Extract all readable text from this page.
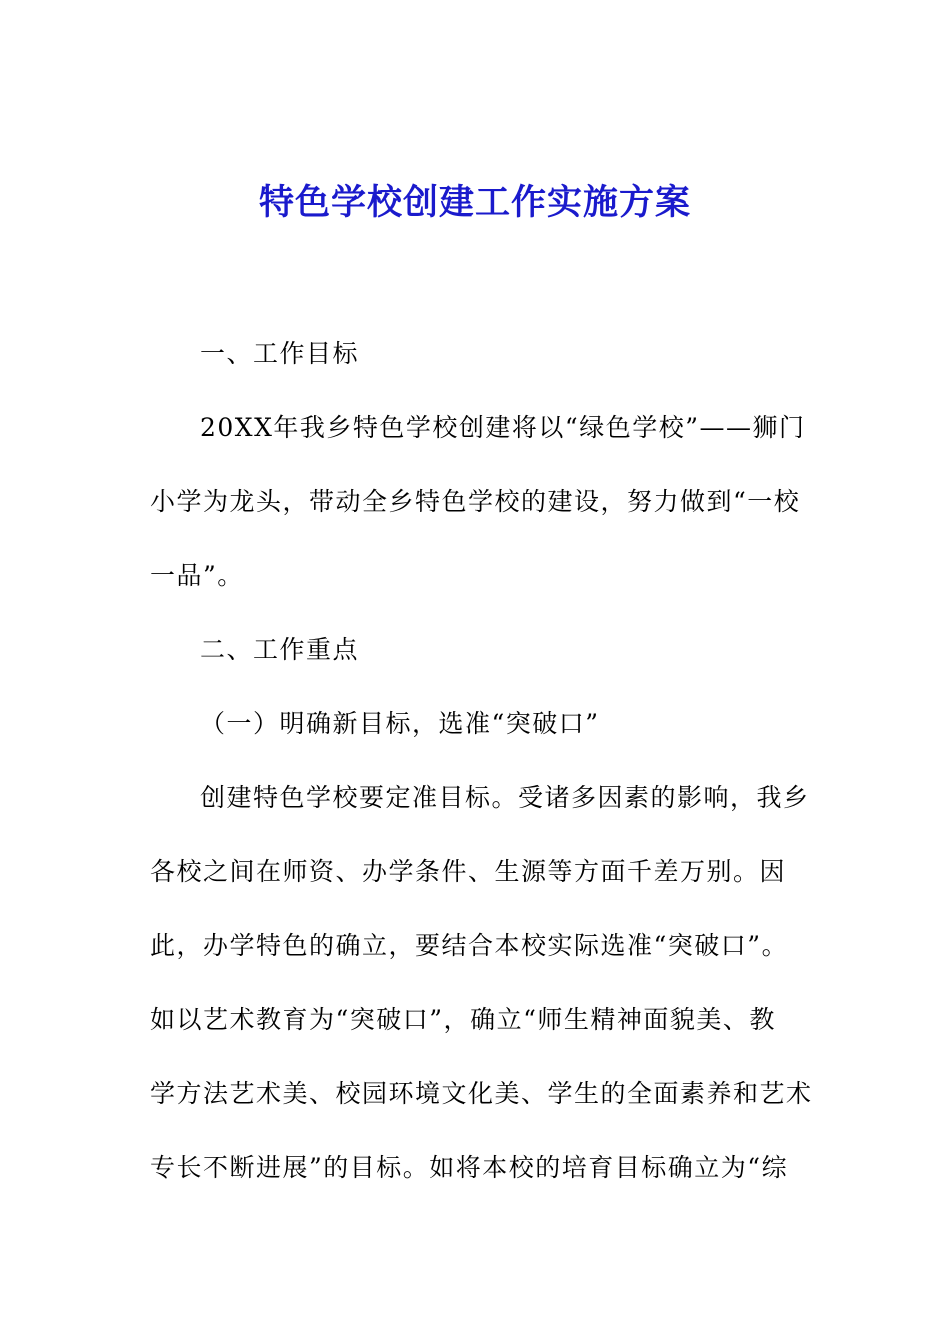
特色学校创建工作实施方案

一、工作目标

20XX年我乡特色学校创建将以“绿色学校”——狮门

小学为龙头，带动全乡特色学校的建设，努力做到“一校

一品”。

二、工作重点

（一）明确新目标，选准“突破口”

创建特色学校要定准目标。受诸多因素的影响，我乡

各校之间在师资、办学条件、生源等方面千差万别。因

此，办学特色的确立，要结合本校实际选准“突破口”。

如以艺术教育为“突破口”，确立“师生精神面貌美、教

学方法艺术美、校园环境文化美、学生的全面素养和艺术

专长不断进展”的目标。如将本校的培育目标确立为“综
